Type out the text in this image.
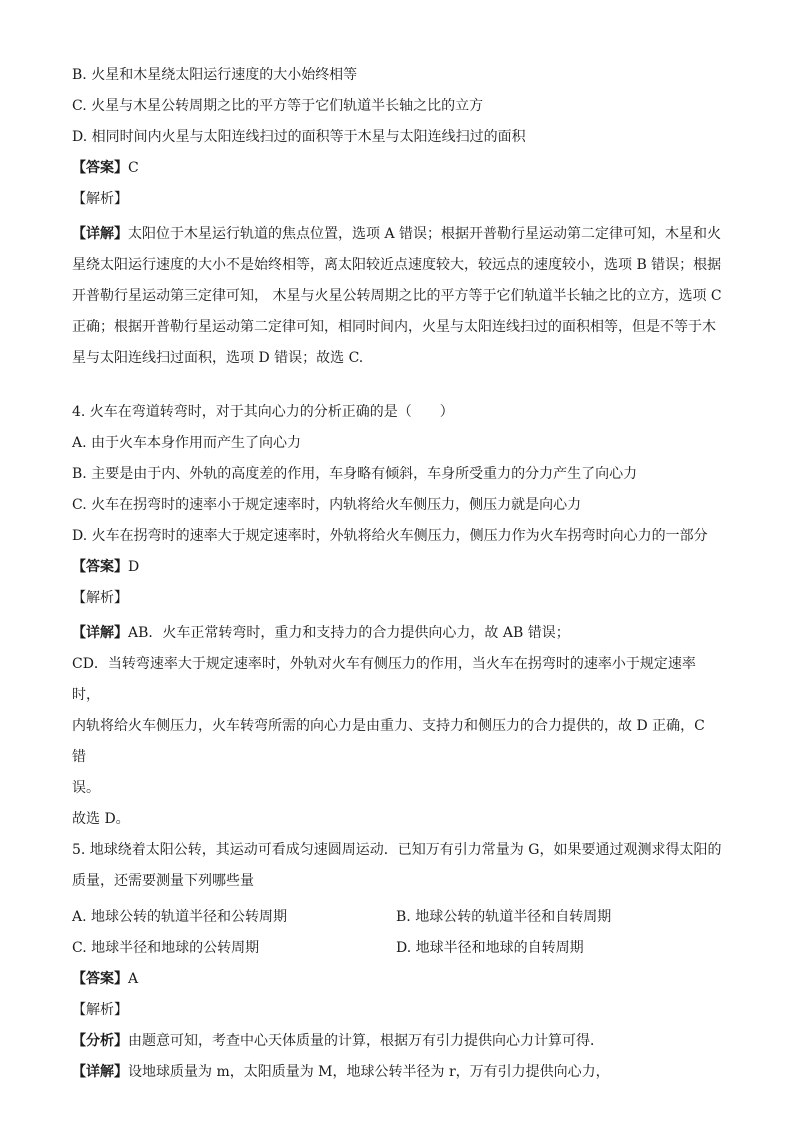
B. 火星和木星绕太阳运行速度的大小始终相等

C. 火星与木星公转周期之比的平方等于它们轨道半长轴之比的立方

D. 相同时间内火星与太阳连线扫过的面积等于木星与太阳连线扫过的面积

【答案】C

【解析】

【详解】太阳位于木星运行轨道的焦点位置，选项 A 错误；根据开普勒行星运动第二定律可知，木星和火

星绕太阳运行速度的大小不是始终相等，离太阳较近点速度较大，较远点的速度较小，选项 B 错误；根据

开普勒行星运动第三定律可知， 木星与火星公转周期之比的平方等于它们轨道半长轴之比的立方，选项 C

正确；根据开普勒行星运动第二定律可知，相同时间内，火星与太阳连线扫过的面积相等，但是不等于木

星与太阳连线扫过面积，选项 D 错误；故选 C.

4. 火车在弯道转弯时，对于其向心力的分析正确的是（　　）

A. 由于火车本身作用而产生了向心力

B. 主要是由于内、外轨的高度差的作用，车身略有倾斜，车身所受重力的分力产生了向心力

C. 火车在拐弯时的速率小于规定速率时，内轨将给火车侧压力，侧压力就是向心力

D. 火车在拐弯时的速率大于规定速率时，外轨将给火车侧压力，侧压力作为火车拐弯时向心力的一部分

【答案】D

【解析】

【详解】AB．火车正常转弯时，重力和支持力的合力提供向心力，故 AB 错误；

CD．当转弯速率大于规定速率时，外轨对火车有侧压力的作用，当火车在拐弯时的速率小于规定速率时，

内轨将给火车侧压力，火车转弯所需的向心力是由重力、支持力和侧压力的合力提供的，故 D 正确，C 错

误。

故选 D。

5. 地球绕着太阳公转，其运动可看成匀速圆周运动．已知万有引力常量为 G，如果要通过观测求得太阳的

质量，还需要测量下列哪些量

A. 地球公转的轨道半径和公转周期	B. 地球公转的轨道半径和自转周期
C. 地球半径和地球的公转周期	D. 地球半径和地球的自转周期

【答案】A

【解析】

【分析】由题意可知，考查中心天体质量的计算，根据万有引力提供向心力计算可得．

【详解】设地球质量为 m，太阳质量为 M，地球公转半径为 r，万有引力提供向心力，
